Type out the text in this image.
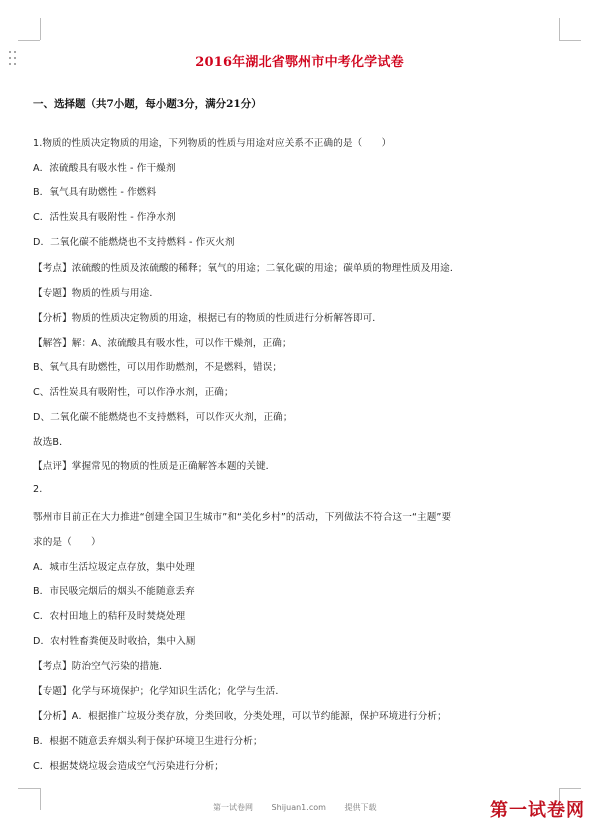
2016年湖北省鄂州市中考化学试卷
一、选择题（共7小题，每小题3分，满分21分）
1.物质的性质决定物质的用途，下列物质的性质与用途对应关系不正确的是（　　）
A．浓硫酸具有吸水性 - 作干燥剂
B．氧气具有助燃性 - 作燃料
C．活性炭具有吸附性 - 作净水剂
D．二氧化碳不能燃烧也不支持燃料 - 作灭火剂
【考点】浓硫酸的性质及浓硫酸的稀释；氧气的用途；二氧化碳的用途；碳单质的物理性质及用途．
【专题】物质的性质与用途．
【分析】物质的性质决定物质的用途，根据已有的物质的性质进行分析解答即可．
【解答】解：A、浓硫酸具有吸水性，可以作干燥剂，正确；
B、氧气具有助燃性，可以用作助燃剂，不是燃料，错误；
C、活性炭具有吸附性，可以作净水剂，正确；
D、二氧化碳不能燃烧也不支持燃料，可以作灭火剂，正确；
故选B．
【点评】掌握常见的物质的性质是正确解答本题的关键．
2.
鄂州市目前正在大力推进“创建全国卫生城市”和“美化乡村”的活动，下列做法不符合这一“主题”要
求的是（　　）
A．城市生活垃圾定点存放，集中处理
B．市民吸完烟后的烟头不能随意丢弃
C．农村田地上的秸秆及时焚烧处理
D．农村牲畜粪便及时收拾，集中入厕
【考点】防治空气污染的措施．
【专题】化学与环境保护；化学知识生活化；化学与生活．
【分析】A．根据推广垃圾分类存放，分类回收，分类处理，可以节约能源，保护环境进行分析；
B．根据不随意丢弃烟头利于保护环境卫生进行分析；
C．根据焚烧垃圾会造成空气污染进行分析；
第一试卷网 Shijuan1.com 提供下载	第一试卷网
